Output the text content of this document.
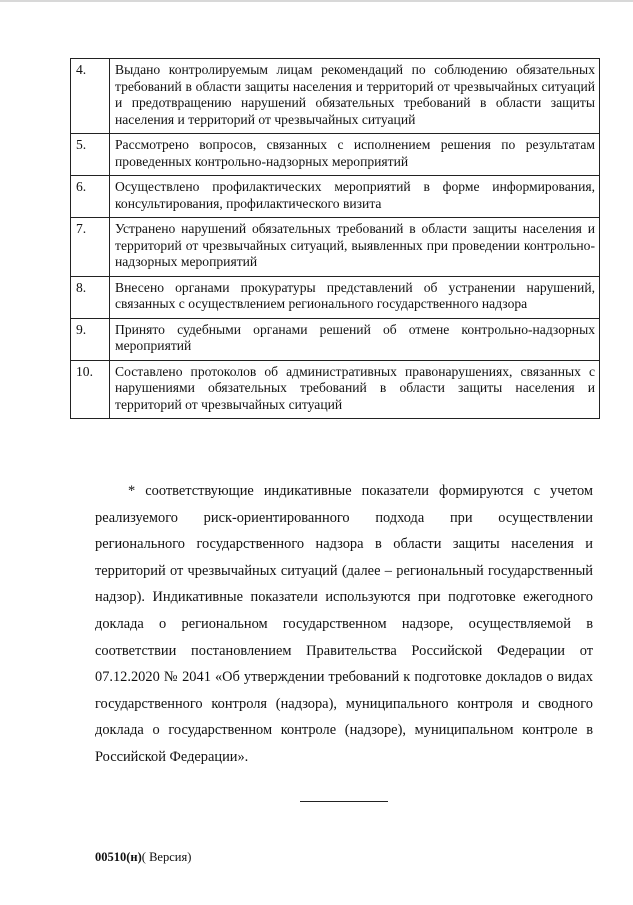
4.	Выдано контролируемым лицам рекомендаций по соблюдению обязательных требований в области защиты населения и территорий от чрезвычайных ситуаций и предотвращению нарушений обязательных требований в области защиты населения и территорий от чрезвычайных ситуаций
5.	Рассмотрено вопросов, связанных с исполнением решения по результатам проведенных контрольно-надзорных мероприятий
6.	Осуществлено профилактических мероприятий в форме информирования, консультирования, профилактического визита
7.	Устранено нарушений обязательных требований в области защиты населения и территорий от чрезвычайных ситуаций, выявленных при проведении контрольно-надзорных мероприятий
8.	Внесено органами прокуратуры представлений об устранении нарушений, связанных с осуществлением регионального государственного надзора
9.	Принято судебными органами решений об отмене контрольно-надзорных мероприятий
10.	Составлено протоколов об административных правонарушениях, связанных с нарушениями обязательных требований в области защиты населения и территорий от чрезвычайных ситуаций

* соответствующие индикативные показатели формируются с учетом реализуемого риск-ориентированного подхода при осуществлении регионального государственного надзора в области защиты населения и территорий от чрезвычайных ситуаций (далее – региональный государственный надзор). Индикативные показатели используются при подготовке ежегодного доклада о региональном государственном надзоре, осуществляемой в соответствии постановлением Правительства Российской Федерации от 07.12.2020 № 2041 «Об утверждении требований к подготовке докладов о видах государственного контроля (надзора), муниципального контроля и сводного доклада о государственном контроле (надзоре), муниципальном контроле в Российской Федерации».

00510(н)( Версия)
